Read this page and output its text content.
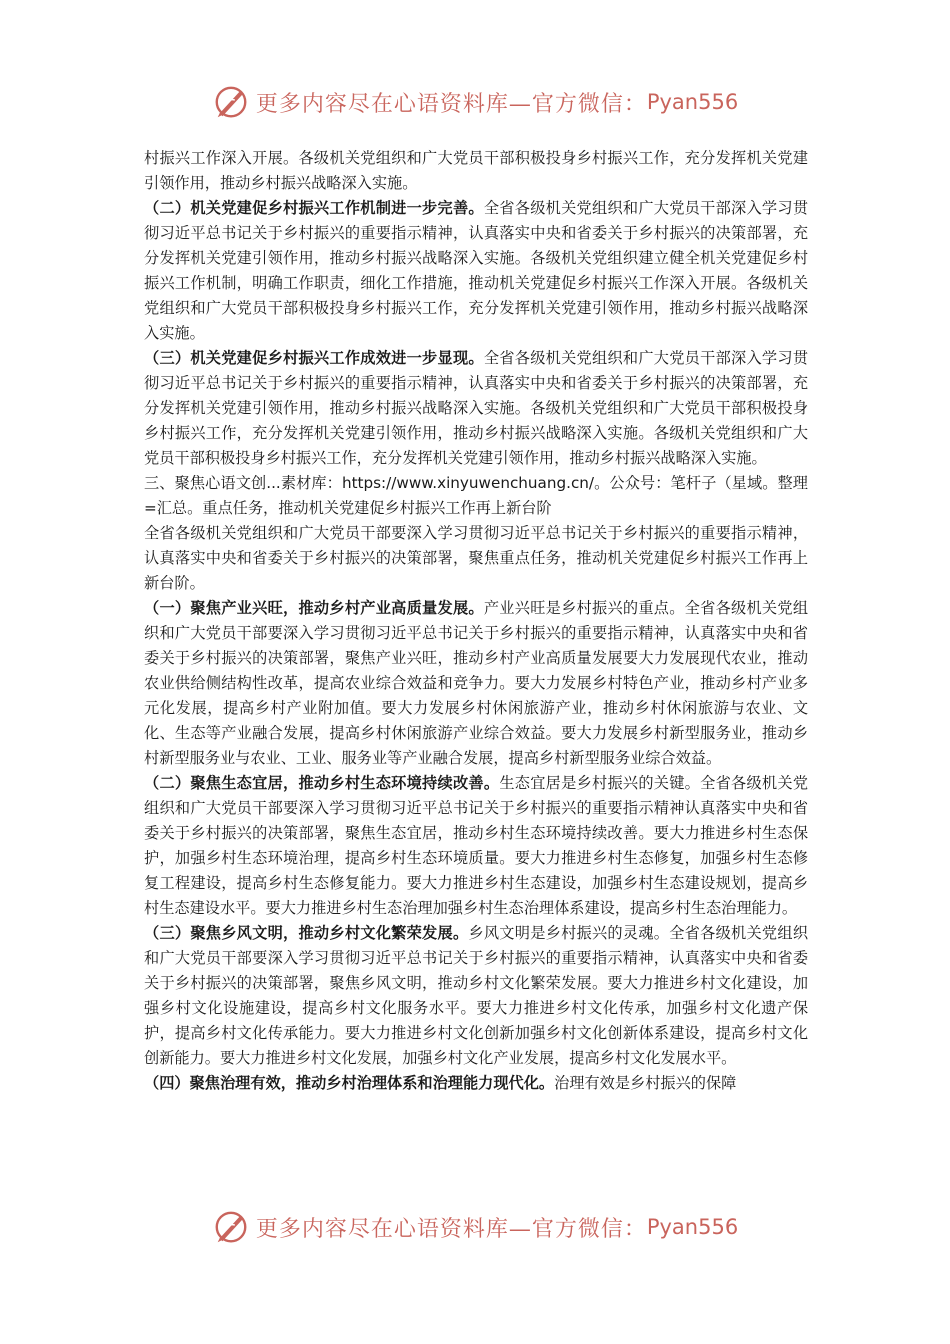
更多内容尽在心语资料库—官方微信： Pyan556

村振兴工作深入开展。各级机关党组织和广大党员干部积极投身乡村振兴工作，充分发挥机关党建引领作用，推动乡村振兴战略深入实施。

（二）机关党建促乡村振兴工作机制进一步完善。全省各级机关党组织和广大党员干部深入学习贯彻习近平总书记关于乡村振兴的重要指示精神，认真落实中央和省委关于乡村振兴的决策部署，充分发挥机关党建引领作用，推动乡村振兴战略深入实施。各级机关党组织建立健全机关党建促乡村振兴工作机制，明确工作职责，细化工作措施，推动机关党建促乡村振兴工作深入开展。各级机关党组织和广大党员干部积极投身乡村振兴工作，充分发挥机关党建引领作用，推动乡村振兴战略深入实施。

（三）机关党建促乡村振兴工作成效进一步显现。全省各级机关党组织和广大党员干部深入学习贯彻习近平总书记关于乡村振兴的重要指示精神，认真落实中央和省委关于乡村振兴的决策部署，充分发挥机关党建引领作用，推动乡村振兴战略深入实施。各级机关党组织和广大党员干部积极投身乡村振兴工作，充分发挥机关党建引领作用，推动乡村振兴战略深入实施。各级机关党组织和广大党员干部积极投身乡村振兴工作，充分发挥机关党建引领作用，推动乡村振兴战略深入实施。

三、聚焦心语文创...素材库：https://www.xinyuwenchuang.cn/。公众号：笔杆子（星域。整理=汇总。重点任务，推动机关党建促乡村振兴工作再上新台阶

全省各级机关党组织和广大党员干部要深入学习贯彻习近平总书记关于乡村振兴的重要指示精神，认真落实中央和省委关于乡村振兴的决策部署，聚焦重点任务，推动机关党建促乡村振兴工作再上新台阶。

（一）聚焦产业兴旺，推动乡村产业高质量发展。产业兴旺是乡村振兴的重点。全省各级机关党组织和广大党员干部要深入学习贯彻习近平总书记关于乡村振兴的重要指示精神，认真落实中央和省委关于乡村振兴的决策部署，聚焦产业兴旺，推动乡村产业高质量发展要大力发展现代农业，推动农业供给侧结构性改革，提高农业综合效益和竞争力。要大力发展乡村特色产业，推动乡村产业多元化发展，提高乡村产业附加值。要大力发展乡村休闲旅游产业，推动乡村休闲旅游与农业、文化、生态等产业融合发展，提高乡村休闲旅游产业综合效益。要大力发展乡村新型服务业，推动乡村新型服务业与农业、工业、服务业等产业融合发展，提高乡村新型服务业综合效益。

（二）聚焦生态宜居，推动乡村生态环境持续改善。生态宜居是乡村振兴的关键。全省各级机关党组织和广大党员干部要深入学习贯彻习近平总书记关于乡村振兴的重要指示精神认真落实中央和省委关于乡村振兴的决策部署，聚焦生态宜居，推动乡村生态环境持续改善。要大力推进乡村生态保护，加强乡村生态环境治理，提高乡村生态环境质量。要大力推进乡村生态修复，加强乡村生态修复工程建设，提高乡村生态修复能力。要大力推进乡村生态建设，加强乡村生态建设规划，提高乡村生态建设水平。要大力推进乡村生态治理加强乡村生态治理体系建设，提高乡村生态治理能力。

（三）聚焦乡风文明，推动乡村文化繁荣发展。乡风文明是乡村振兴的灵魂。全省各级机关党组织和广大党员干部要深入学习贯彻习近平总书记关于乡村振兴的重要指示精神，认真落实中央和省委关于乡村振兴的决策部署，聚焦乡风文明，推动乡村文化繁荣发展。要大力推进乡村文化建设，加强乡村文化设施建设，提高乡村文化服务水平。要大力推进乡村文化传承，加强乡村文化遗产保护，提高乡村文化传承能力。要大力推进乡村文化创新加强乡村文化创新体系建设，提高乡村文化创新能力。要大力推进乡村文化发展，加强乡村文化产业发展，提高乡村文化发展水平。

（四）聚焦治理有效，推动乡村治理体系和治理能力现代化。治理有效是乡村振兴的保障

更多内容尽在心语资料库—官方微信： Pyan556
